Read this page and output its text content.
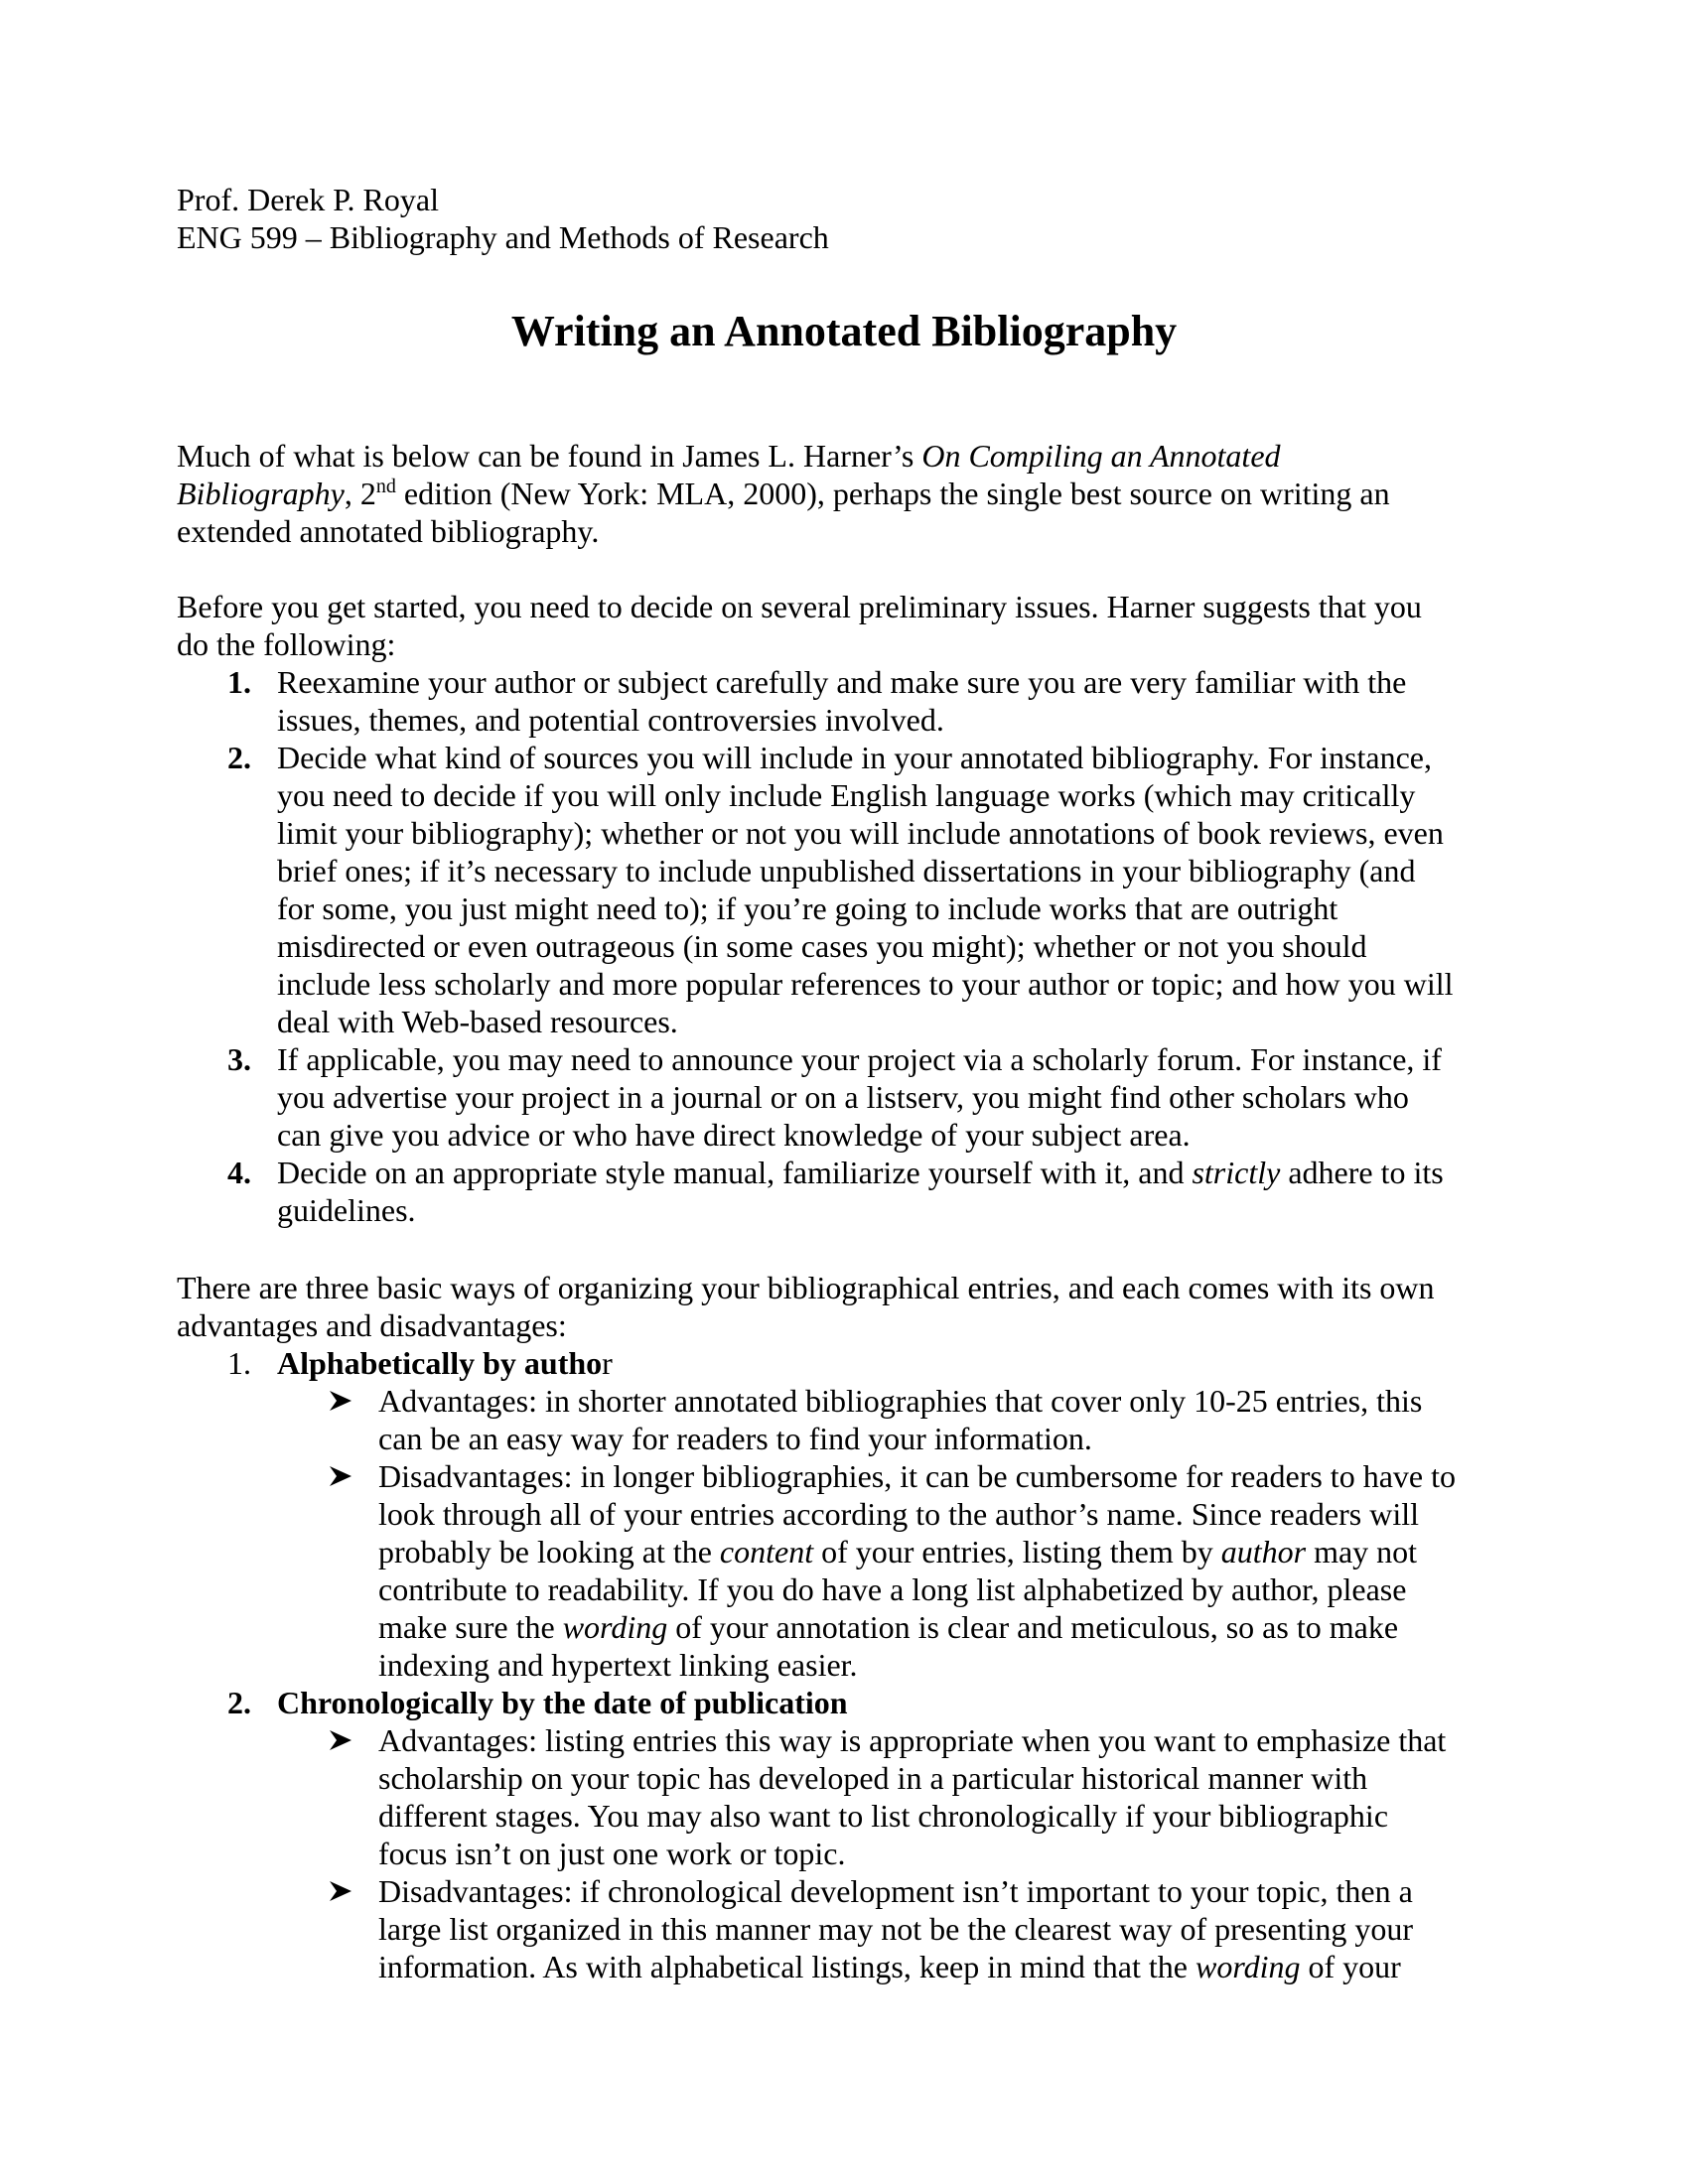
Prof. Derek P. Royal
ENG 599 – Bibliography and Methods of Research
Writing an Annotated Bibliography
Much of what is below can be found in James L. Harner’s On Compiling an Annotated
Bibliography, 2nd edition (New York: MLA, 2000), perhaps the single best source on writing an
extended annotated bibliography.
Before you get started, you need to decide on several preliminary issues. Harner suggests that you
do the following:
1. Reexamine your author or subject carefully and make sure you are very familiar with the
issues, themes, and potential controversies involved.
2. Decide what kind of sources you will include in your annotated bibliography. For instance,
you need to decide if you will only include English language works (which may critically
limit your bibliography); whether or not you will include annotations of book reviews, even
brief ones; if it’s necessary to include unpublished dissertations in your bibliography (and
for some, you just might need to); if you’re going to include works that are outright
misdirected or even outrageous (in some cases you might); whether or not you should
include less scholarly and more popular references to your author or topic; and how you will
deal with Web-based resources.
3. If applicable, you may need to announce your project via a scholarly forum. For instance, if
you advertise your project in a journal or on a listserv, you might find other scholars who
can give you advice or who have direct knowledge of your subject area.
4. Decide on an appropriate style manual, familiarize yourself with it, and strictly adhere to its
guidelines.
There are three basic ways of organizing your bibliographical entries, and each comes with its own
advantages and disadvantages:
1. Alphabetically by author
Advantages: in shorter annotated bibliographies that cover only 10-25 entries, this
can be an easy way for readers to find your information.
Disadvantages: in longer bibliographies, it can be cumbersome for readers to have to
look through all of your entries according to the author’s name. Since readers will
probably be looking at the content of your entries, listing them by author may not
contribute to readability. If you do have a long list alphabetized by author, please
make sure the wording of your annotation is clear and meticulous, so as to make
indexing and hypertext linking easier.
2. Chronologically by the date of publication
Advantages: listing entries this way is appropriate when you want to emphasize that
scholarship on your topic has developed in a particular historical manner with
different stages. You may also want to list chronologically if your bibliographic
focus isn’t on just one work or topic.
Disadvantages: if chronological development isn’t important to your topic, then a
large list organized in this manner may not be the clearest way of presenting your
information. As with alphabetical listings, keep in mind that the wording of your
